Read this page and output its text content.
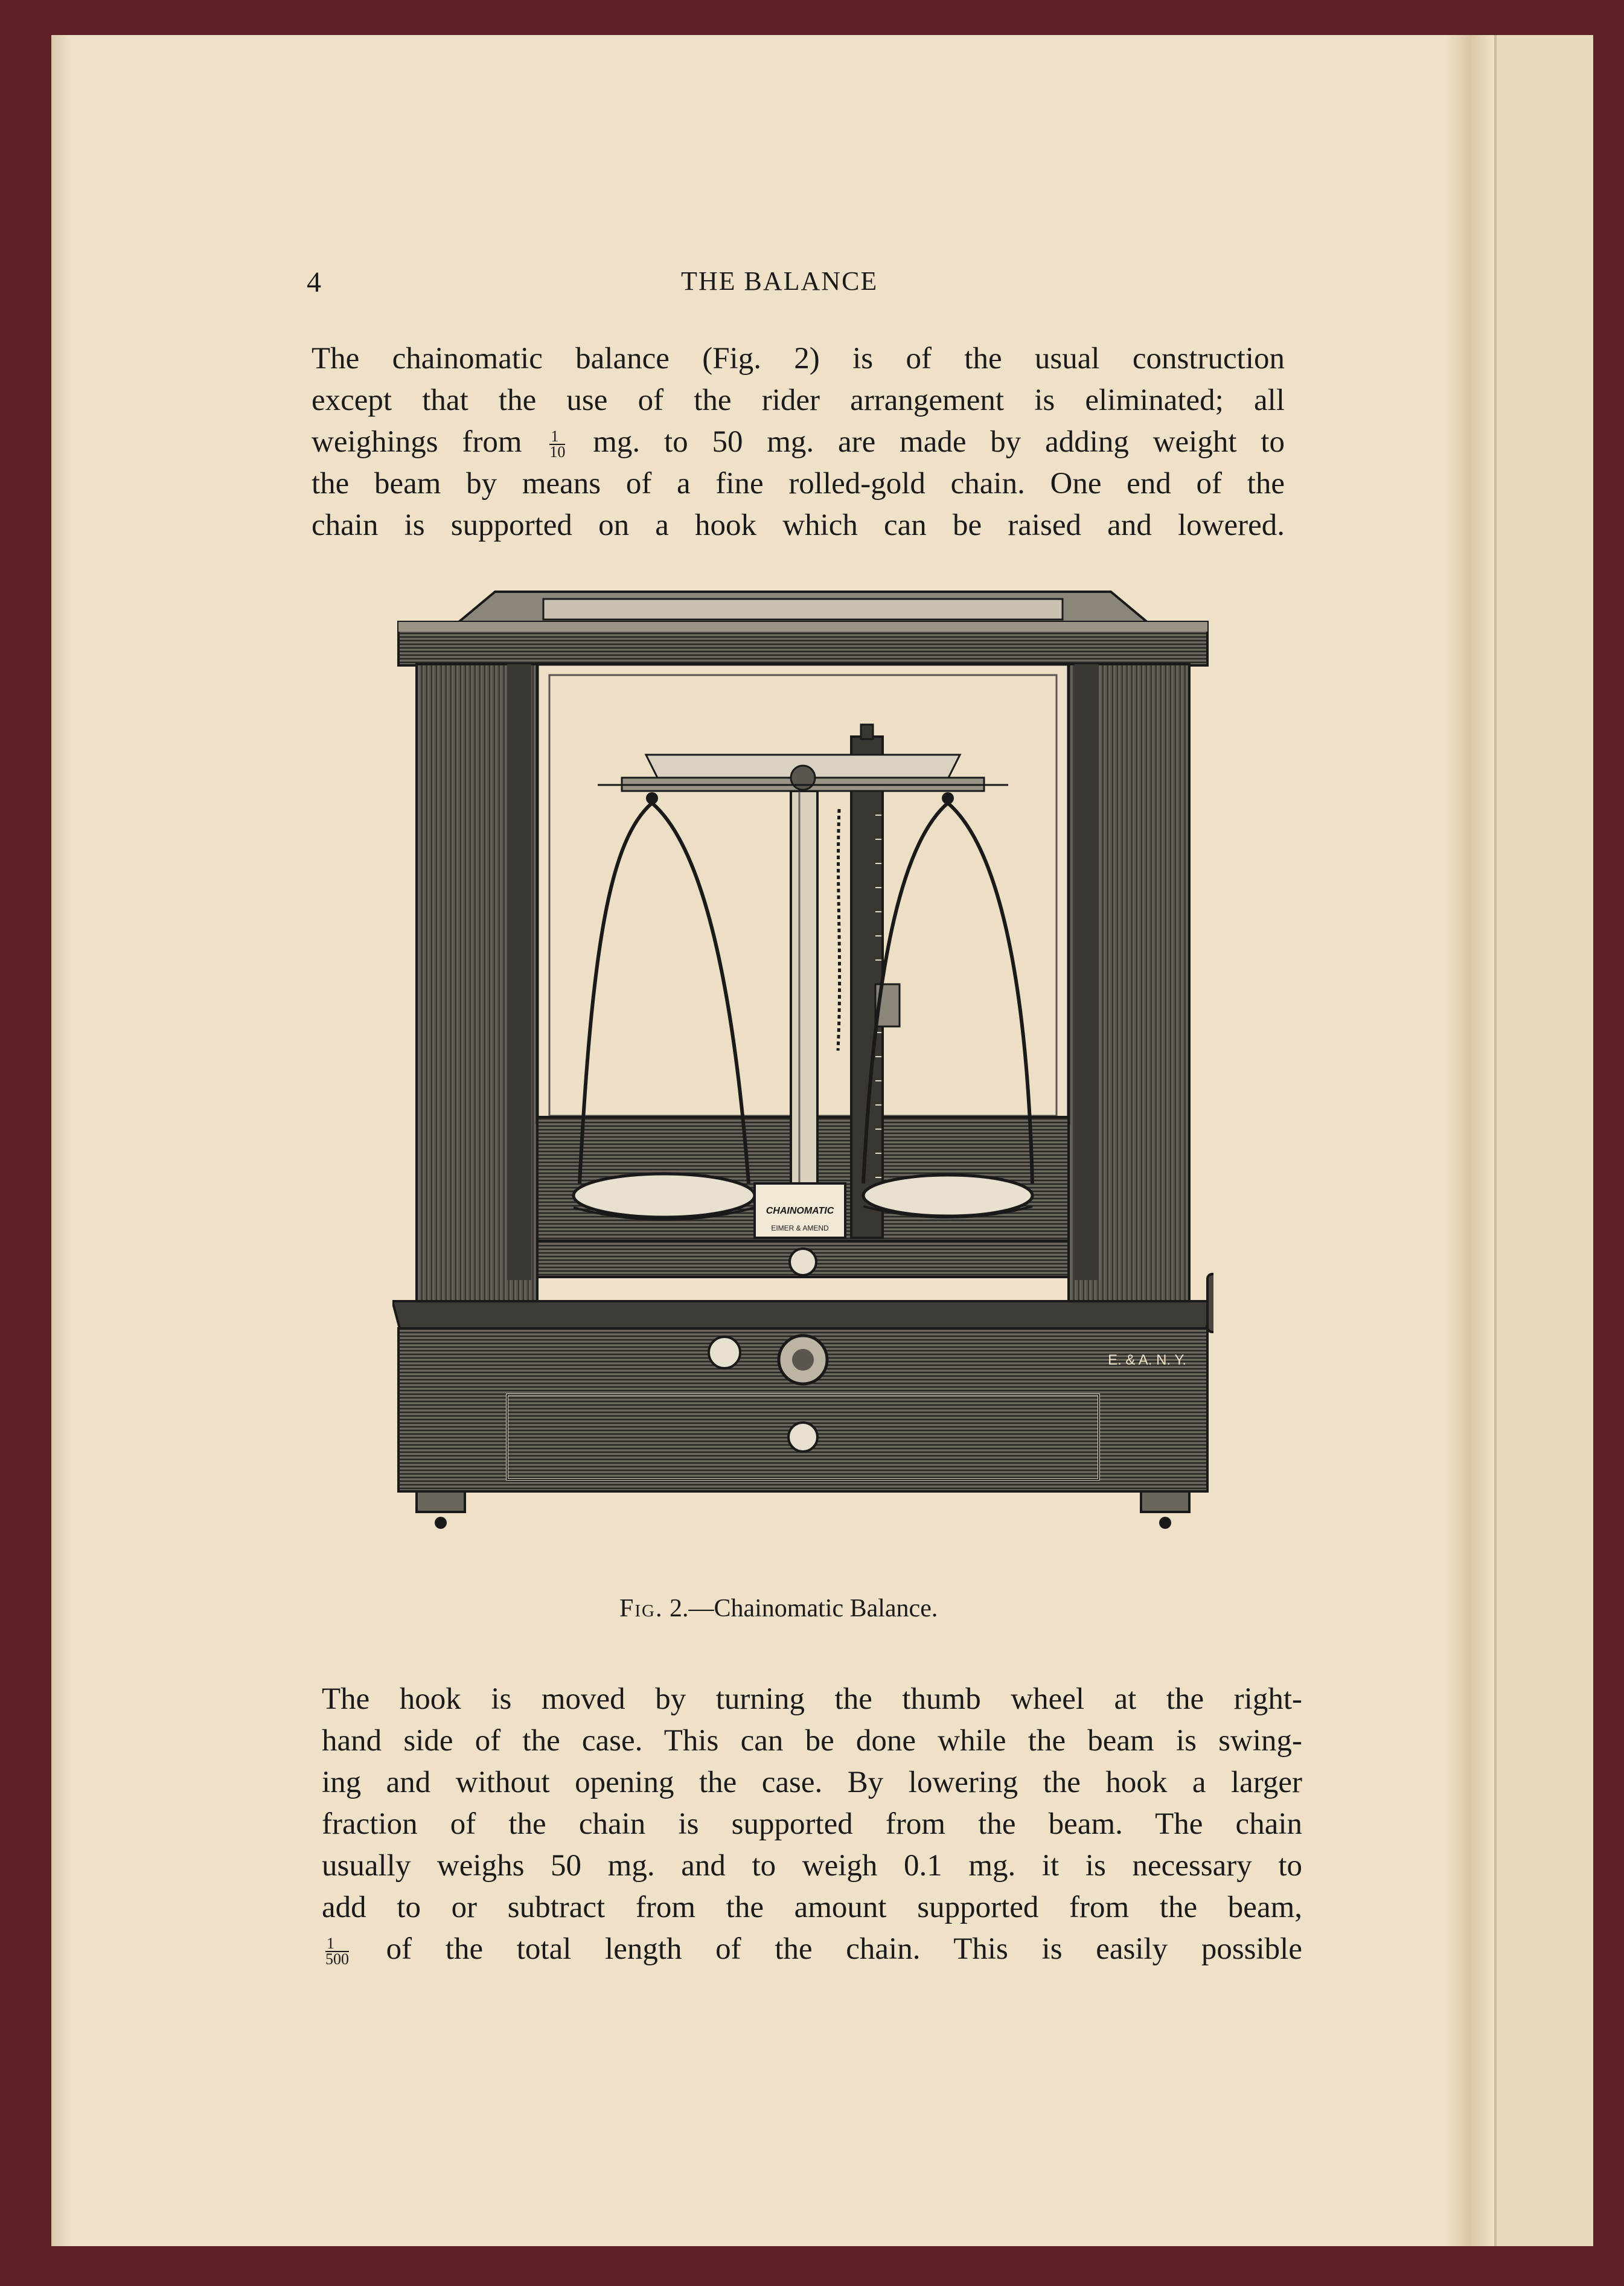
4	THE BALANCE
The chainomatic balance (Fig. 2) is of the usual construction
except that the use of the rider arrangement is eliminated; all
weighings from $\frac{1}{10}$ mg. to 50 mg. are made by adding weight to
the beam by means of a fine rolled-gold chain. One end of the
chain is supported on a hook which can be raised and lowered.
CHAINOMATIC
EIMER & AMEND
E. & A. N. Y.
Fig. 2.—Chainomatic Balance.
The hook is moved by turning the thumb wheel at the right-
hand side of the case. This can be done while the beam is swing-
ing and without opening the case. By lowering the hook a larger
fraction of the chain is supported from the beam. The chain
usually weighs 50 mg. and to weigh 0.1 mg. it is necessary to
add to or subtract from the amount supported from the beam,
$\frac{1}{500}$ of the total length of the chain. This is easily possible
